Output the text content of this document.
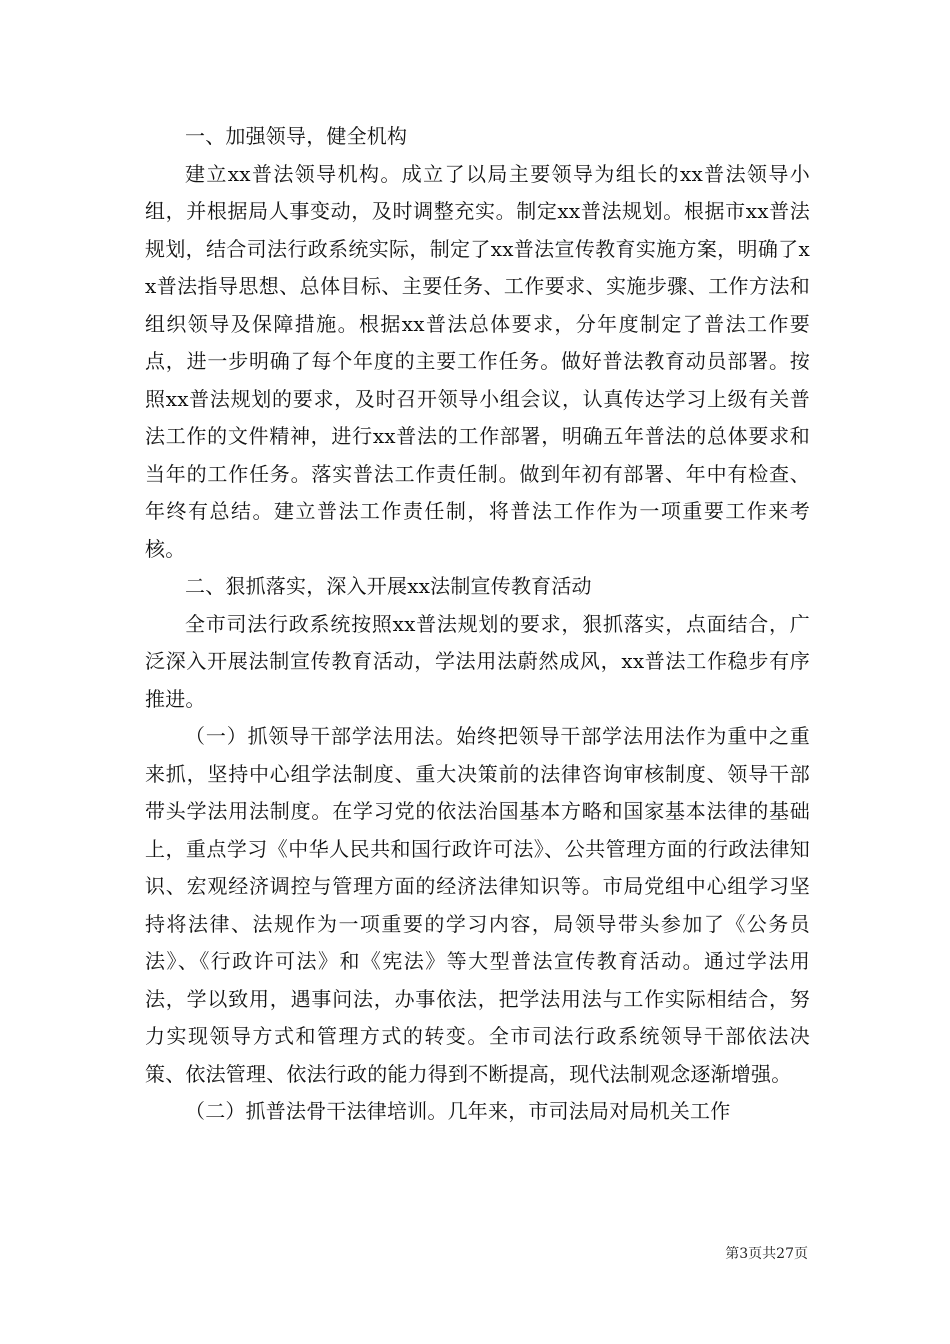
一、加强领导，健全机构

建立xx普法领导机构。成立了以局主要领导为组长的xx普法领导小组，并根据局人事变动，及时调整充实。制定xx普法规划。根据市xx普法规划，结合司法行政系统实际，制定了xx普法宣传教育实施方案，明确了xx普法指导思想、总体目标、主要任务、工作要求、实施步骤、工作方法和组织领导及保障措施。根据xx普法总体要求，分年度制定了普法工作要点，进一步明确了每个年度的主要工作任务。做好普法教育动员部署。按照xx普法规划的要求，及时召开领导小组会议，认真传达学习上级有关普法工作的文件精神，进行xx普法的工作部署，明确五年普法的总体要求和当年的工作任务。落实普法工作责任制。做到年初有部署、年中有检查、年终有总结。建立普法工作责任制，将普法工作作为一项重要工作来考核。

二、狠抓落实，深入开展xx法制宣传教育活动

全市司法行政系统按照xx普法规划的要求，狠抓落实，点面结合，广泛深入开展法制宣传教育活动，学法用法蔚然成风，xx普法工作稳步有序推进。

（一）抓领导干部学法用法。始终把领导干部学法用法作为重中之重来抓，坚持中心组学法制度、重大决策前的法律咨询审核制度、领导干部带头学法用法制度。在学习党的依法治国基本方略和国家基本法律的基础上，重点学习《中华人民共和国行政许可法》、公共管理方面的行政法律知识、宏观经济调控与管理方面的经济法律知识等。市局党组中心组学习坚持将法律、法规作为一项重要的学习内容，局领导带头参加了《公务员法》、《行政许可法》和《宪法》等大型普法宣传教育活动。通过学法用法，学以致用，遇事问法，办事依法，把学法用法与工作实际相结合，努力实现领导方式和管理方式的转变。全市司法行政系统领导干部依法决策、依法管理、依法行政的能力得到不断提高，现代法制观念逐渐增强。

（二）抓普法骨干法律培训。几年来，市司法局对局机关工作

第3页共27页
